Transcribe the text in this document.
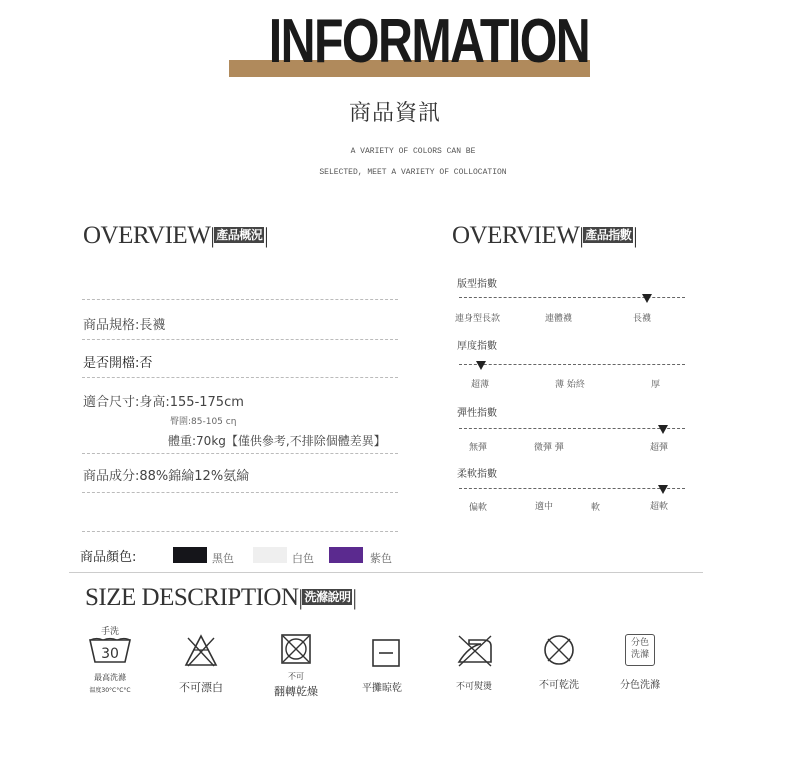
INFORMATION
商品資訊
A VARIETY OF COLORS CAN BE
SELECTED, MEET A VARIETY OF COLLOCATION
OVERVIEW| 產品概況|
商品規格:長襪
是否開檔:否
適合尺寸:身高:155-175cm
臀圍:85-105 cη
體重:70kg【僅供參考,不排除個體差異】
商品成分:88%錦綸12%氨綸
商品顏色:	黑色	白色	紫色
OVERVIEW| 產品指數|
版型指數
連身型長款	連體襪	長襪
厚度指數
超薄	薄 始終	厚
彈性指數
無彈	微彈 彈	超彈
柔軟指數
偏軟	適中	軟	超軟
SIZE DESCRIPTION| 洗滌說明|
手洗
30
最高洗滌
溫度30°C°C°C	不可漂白
不可
翻轉乾燥	平攤晾乾	不可熨燙	不可乾洗
分色
洗滌
分色洗滌
